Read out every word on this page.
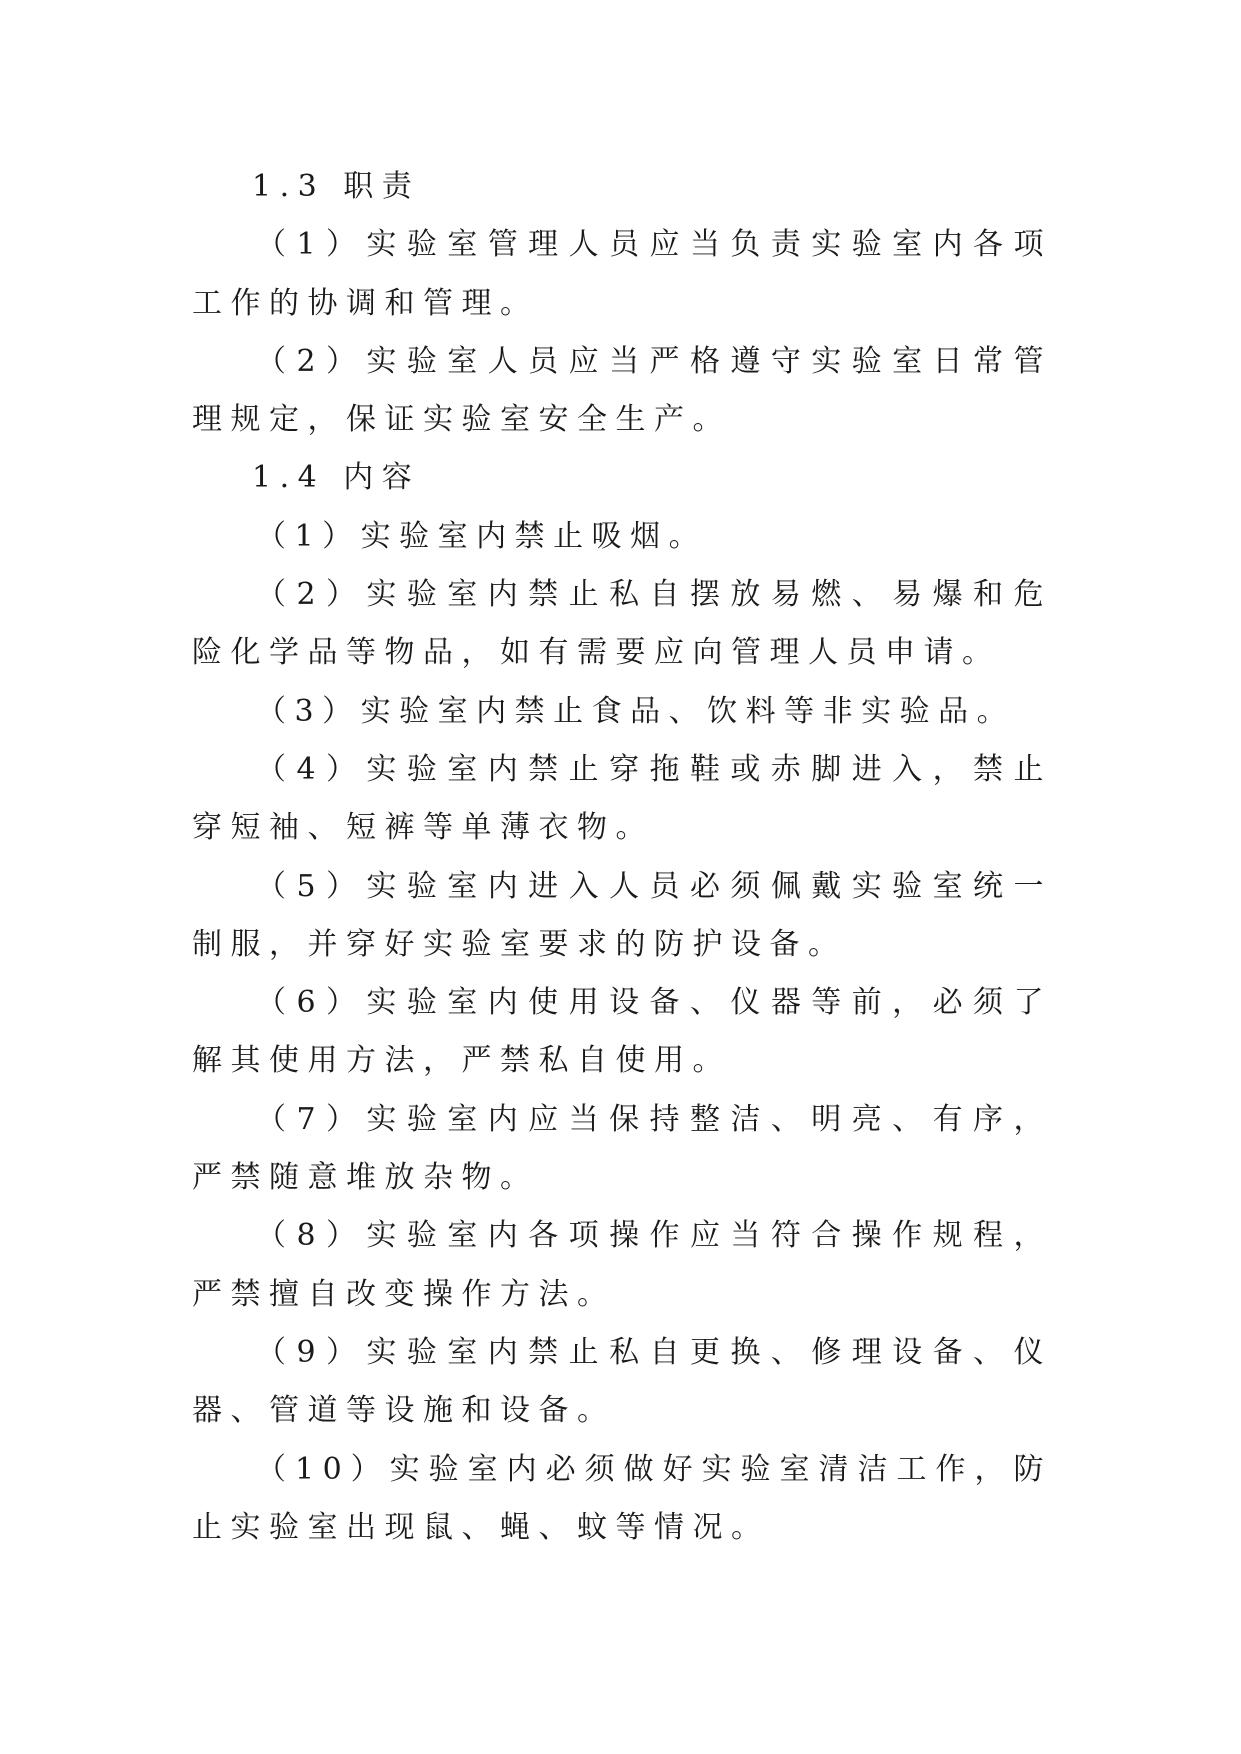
1.3 职责

（1）实验室管理人员应当负责实验室内各项工作的协调和管理。

（2）实验室人员应当严格遵守实验室日常管理规定，保证实验室安全生产。

1.4 内容

（1）实验室内禁止吸烟。

（2）实验室内禁止私自摆放易燃、易爆和危险化学品等物品，如有需要应向管理人员申请。

（3）实验室内禁止食品、饮料等非实验品。

（4）实验室内禁止穿拖鞋或赤脚进入，禁止穿短袖、短裤等单薄衣物。

（5）实验室内进入人员必须佩戴实验室统一制服，并穿好实验室要求的防护设备。

（6）实验室内使用设备、仪器等前，必须了解其使用方法，严禁私自使用。

（7）实验室内应当保持整洁、明亮、有序，严禁随意堆放杂物。

（8）实验室内各项操作应当符合操作规程，严禁擅自改变操作方法。

（9）实验室内禁止私自更换、修理设备、仪器、管道等设施和设备。

（10）实验室内必须做好实验室清洁工作，防止实验室出现鼠、蝇、蚊等情况。
